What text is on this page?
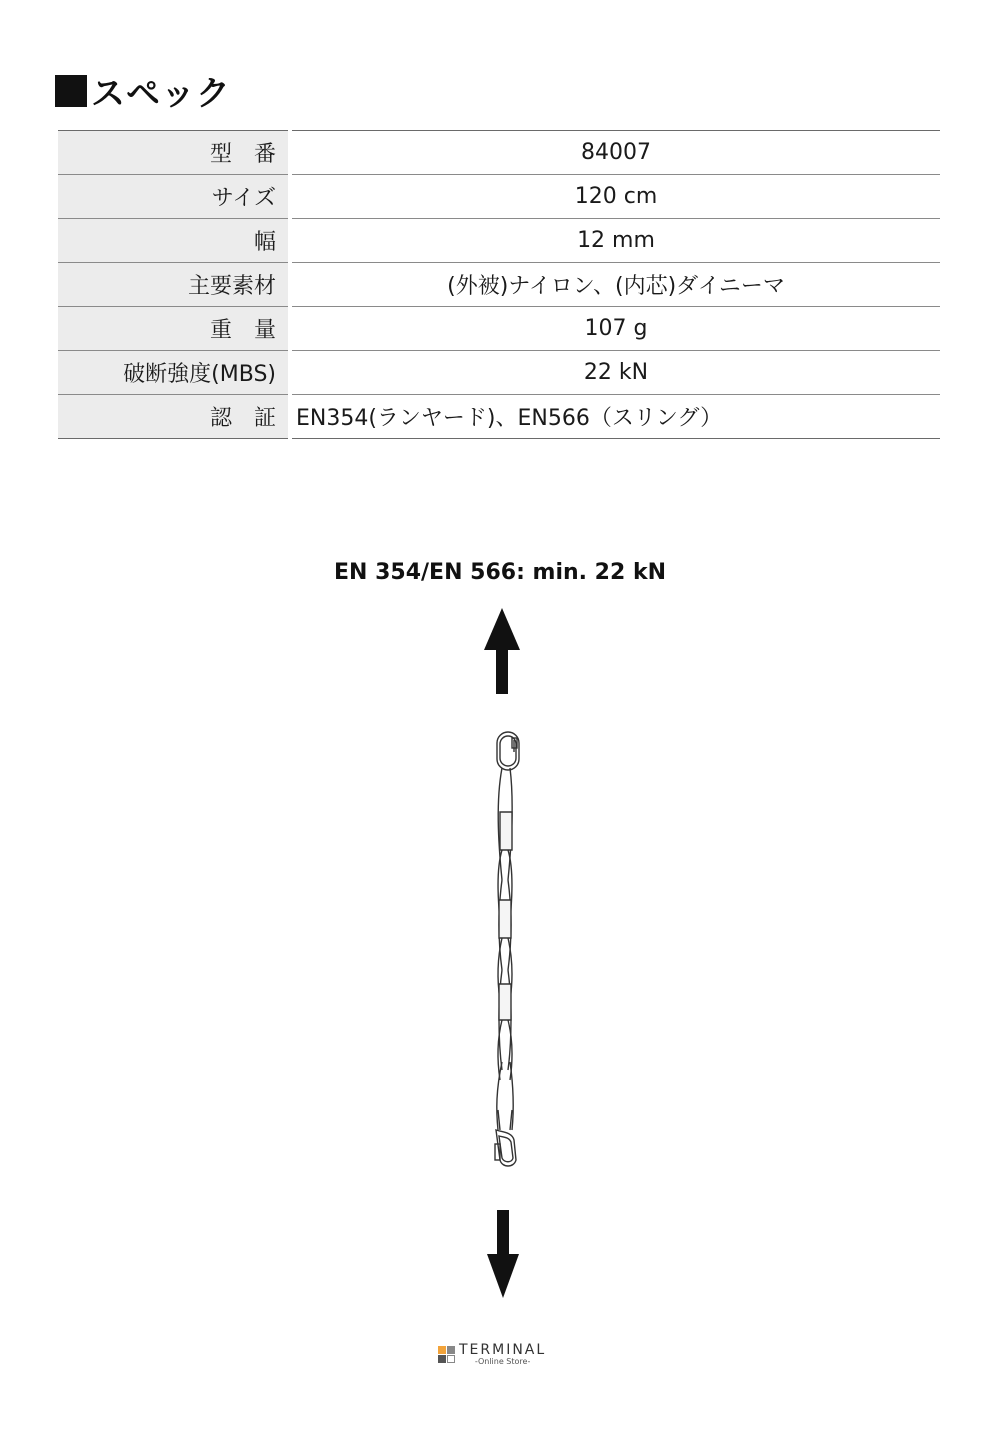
スペック
型　番	84007
サイズ	120 cm
幅	12 mm
主要素材	(外被)ナイロン、(内芯)ダイニーマ
重　量	107 g
破断強度(MBS)	22 kN
認　証	EN354(ランヤード)、EN566（スリング）
EN 354/EN 566: min. 22 kN
TERMINAL
-Online Store-
